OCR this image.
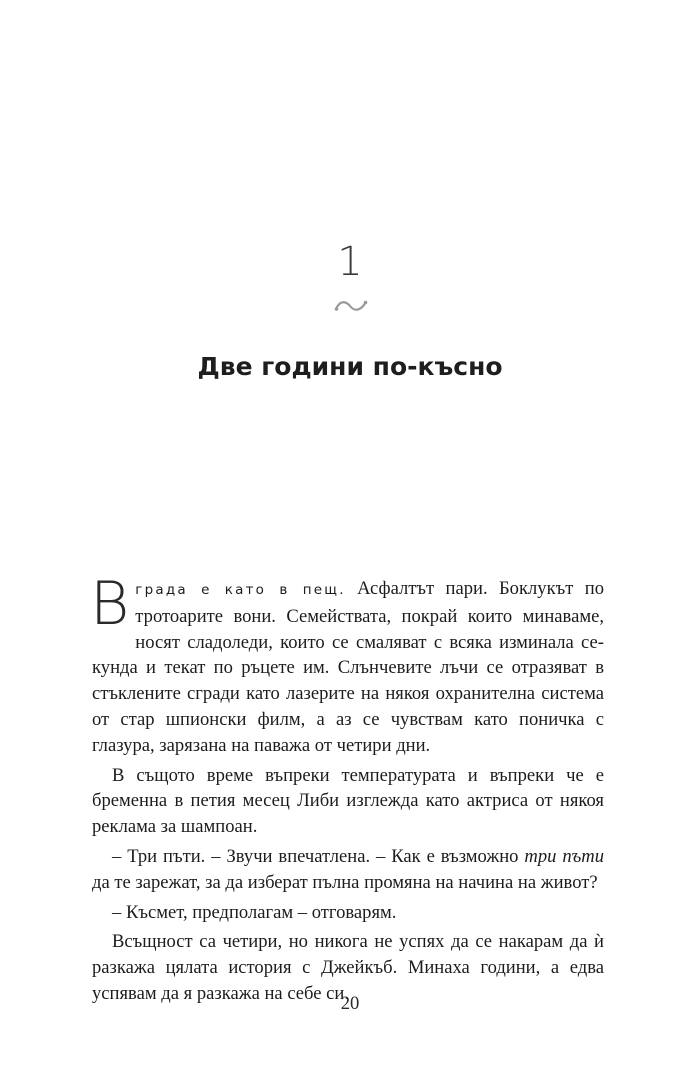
1
Две години по-късно

Вграда е като в пещ. Асфалтът пари. Боклукът по тротоарите вони. Семействата, покрай които минаваме, носят сладоледи, които се смаляват с всяка изминала секунда и текат по ръцете им. Слънчевите лъчи се отразяват в стъклените сгради като лазерите на някоя охранителна система от стар шпионски филм, а аз се чувствам като поничка с глазура, зарязана на паважа от четири дни.

В същото време въпреки температурата и въпреки че е бременна в петия месец Либи изглежда като актриса от някоя реклама за шампоан.

– Три пъти. – Звучи впечатлена. – Как е възможно три пъти да те зарежат, за да изберат пълна промяна на начина на живот?

– Късмет, предполагам – отговарям.

Всъщност са четири, но никога не успях да се накарам да ѝ разкажа цялата история с Джейкъб. Минаха години, а едва успявам да я разкажа на себе си.

20
